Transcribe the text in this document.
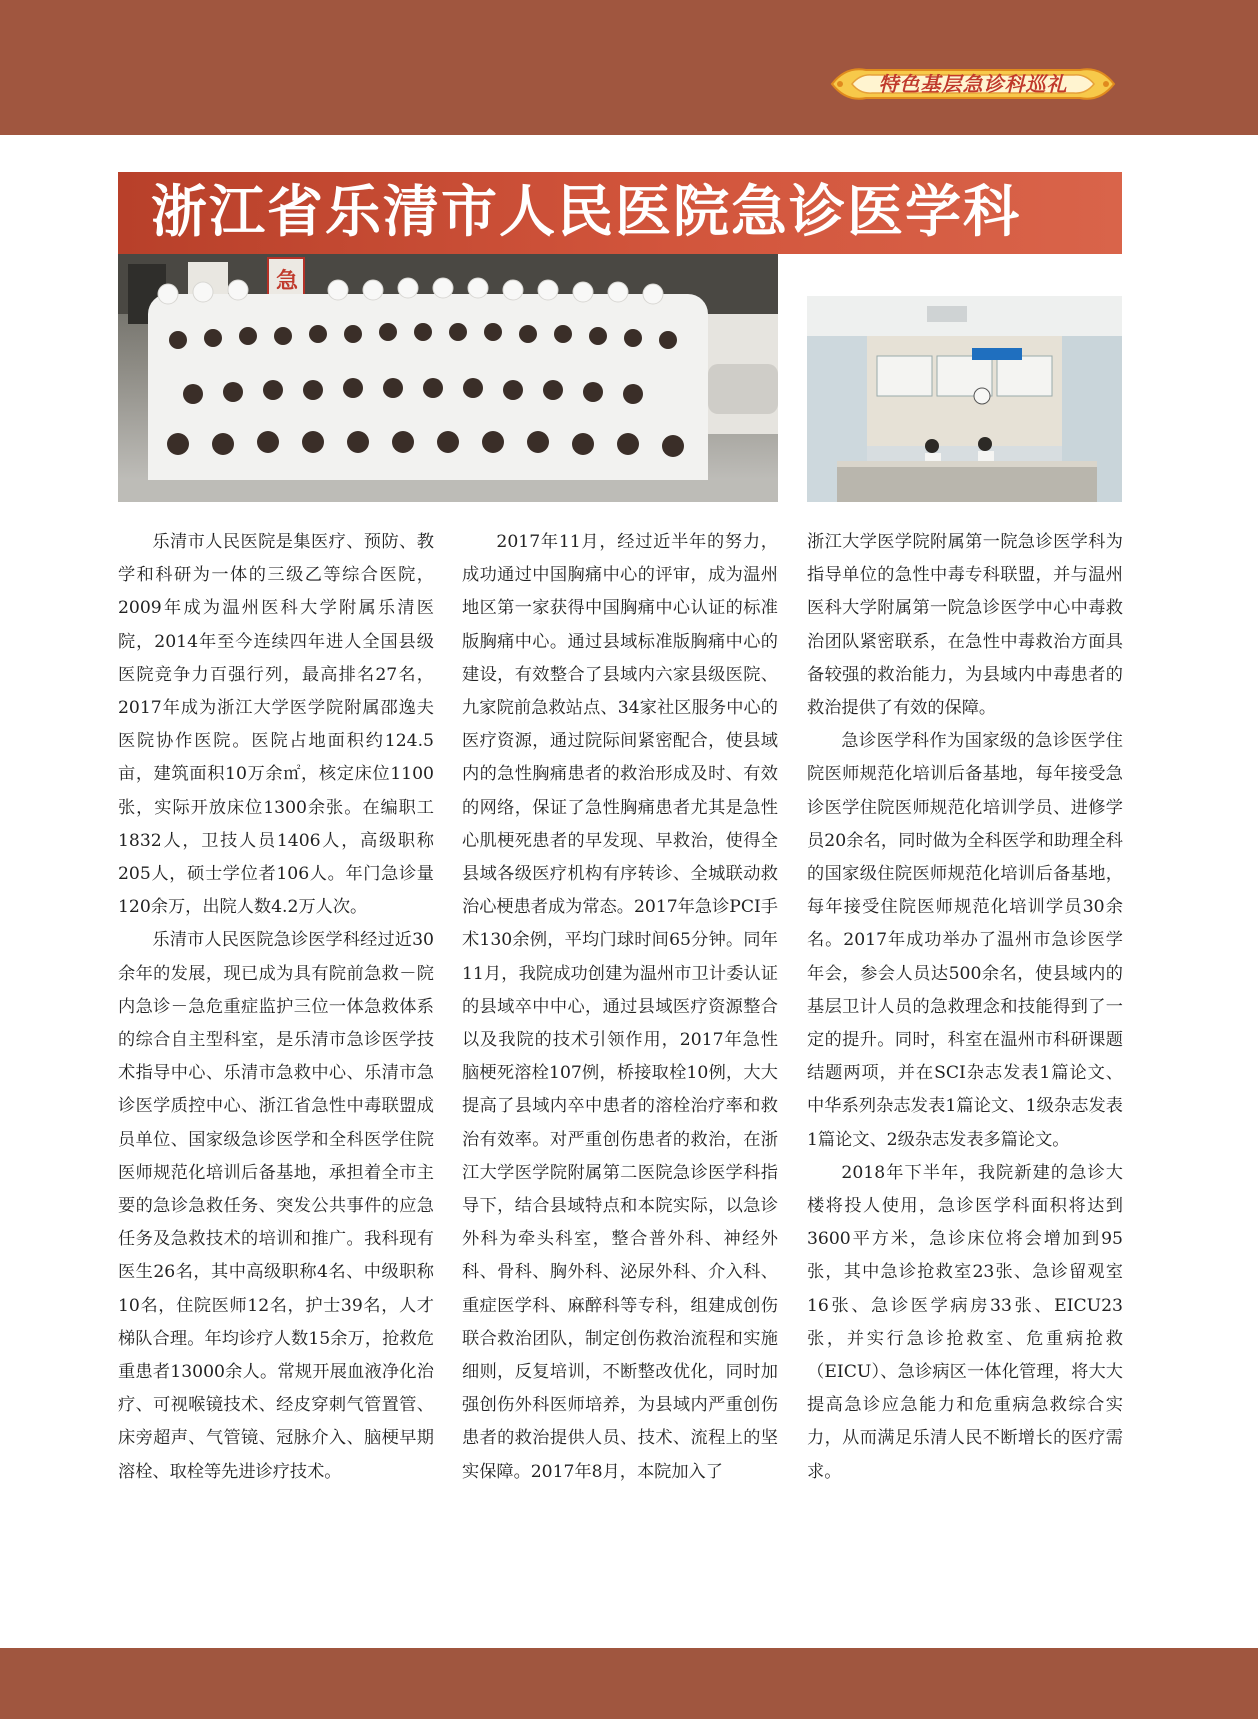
特色基层急诊科巡礼
浙江省乐清市人民医院急诊医学科
急

乐清市人民医院是集医疗、预防、教学和科研为一体的三级乙等综合医院，2009年成为温州医科大学附属乐清医院，2014年至今连续四年进人全国县级医院竞争力百强行列，最高排名27名，2017年成为浙江大学医学院附属邵逸夫医院协作医院。医院占地面积约124.5亩，建筑面积10万余㎡，核定床位1100张，实际开放床位1300余张。在编职工1832人，卫技人员1406人，高级职称205人，硕士学位者106人。年门急诊量120余万，出院人数4.2万人次。

乐清市人民医院急诊医学科经过近30余年的发展，现已成为具有院前急救－院内急诊－急危重症监护三位一体急救体系的综合自主型科室，是乐清市急诊医学技术指导中心、乐清市急救中心、乐清市急诊医学质控中心、浙江省急性中毒联盟成员单位、国家级急诊医学和全科医学住院医师规范化培训后备基地，承担着全市主要的急诊急救任务、突发公共事件的应急任务及急救技术的培训和推广。我科现有医生26名，其中高级职称4名、中级职称10名，住院医师12名，护士39名，人才梯队合理。年均诊疗人数15余万，抢救危重患者13000余人。常规开展血液净化治疗、可视喉镜技术、经皮穿刺气管置管、床旁超声、气管镜、冠脉介入、脑梗早期溶栓、取栓等先进诊疗技术。

2017年11月，经过近半年的努力，成功通过中国胸痛中心的评审，成为温州地区第一家获得中国胸痛中心认证的标准版胸痛中心。通过县域标准版胸痛中心的建设，有效整合了县域内六家县级医院、九家院前急救站点、34家社区服务中心的医疗资源，通过院际间紧密配合，使县域内的急性胸痛患者的救治形成及时、有效的网络，保证了急性胸痛患者尤其是急性心肌梗死患者的早发现、早救治，使得全县域各级医疗机构有序转诊、全城联动救治心梗患者成为常态。2017年急诊PCI手术130余例，平均门球时间65分钟。同年11月，我院成功创建为温州市卫计委认证的县域卒中中心，通过县域医疗资源整合以及我院的技术引领作用，2017年急性脑梗死溶栓107例，桥接取栓10例，大大提高了县域内卒中患者的溶栓治疗率和救治有效率。对严重创伤患者的救治，在浙江大学医学院附属第二医院急诊医学科指导下，结合县域特点和本院实际，以急诊外科为牵头科室，整合普外科、神经外科、骨科、胸外科、泌尿外科、介入科、重症医学科、麻醉科等专科，组建成创伤联合救治团队，制定创伤救治流程和实施细则，反复培训，不断整改优化，同时加强创伤外科医师培养，为县域内严重创伤患者的救治提供人员、技术、流程上的坚实保障。2017年8月，本院加入了

浙江大学医学院附属第一院急诊医学科为指导单位的急性中毒专科联盟，并与温州医科大学附属第一院急诊医学中心中毒救治团队紧密联系，在急性中毒救治方面具备较强的救治能力，为县域内中毒患者的救治提供了有效的保障。

急诊医学科作为国家级的急诊医学住院医师规范化培训后备基地，每年接受急诊医学住院医师规范化培训学员、进修学员20余名，同时做为全科医学和助理全科的国家级住院医师规范化培训后备基地，每年接受住院医师规范化培训学员30余名。2017年成功举办了温州市急诊医学年会，参会人员达500余名，使县域内的基层卫计人员的急救理念和技能得到了一定的提升。同时，科室在温州市科研课题结题两项，并在SCI杂志发表1篇论文、中华系列杂志发表1篇论文、1级杂志发表1篇论文、2级杂志发表多篇论文。

2018年下半年，我院新建的急诊大楼将投人使用，急诊医学科面积将达到3600平方米，急诊床位将会增加到95张，其中急诊抢救室23张、急诊留观室16张、急诊医学病房33张、EICU23张，并实行急诊抢救室、危重病抢救（EICU）、急诊病区一体化管理，将大大提高急诊应急能力和危重病急救综合实力，从而满足乐清人民不断增长的医疗需求。
